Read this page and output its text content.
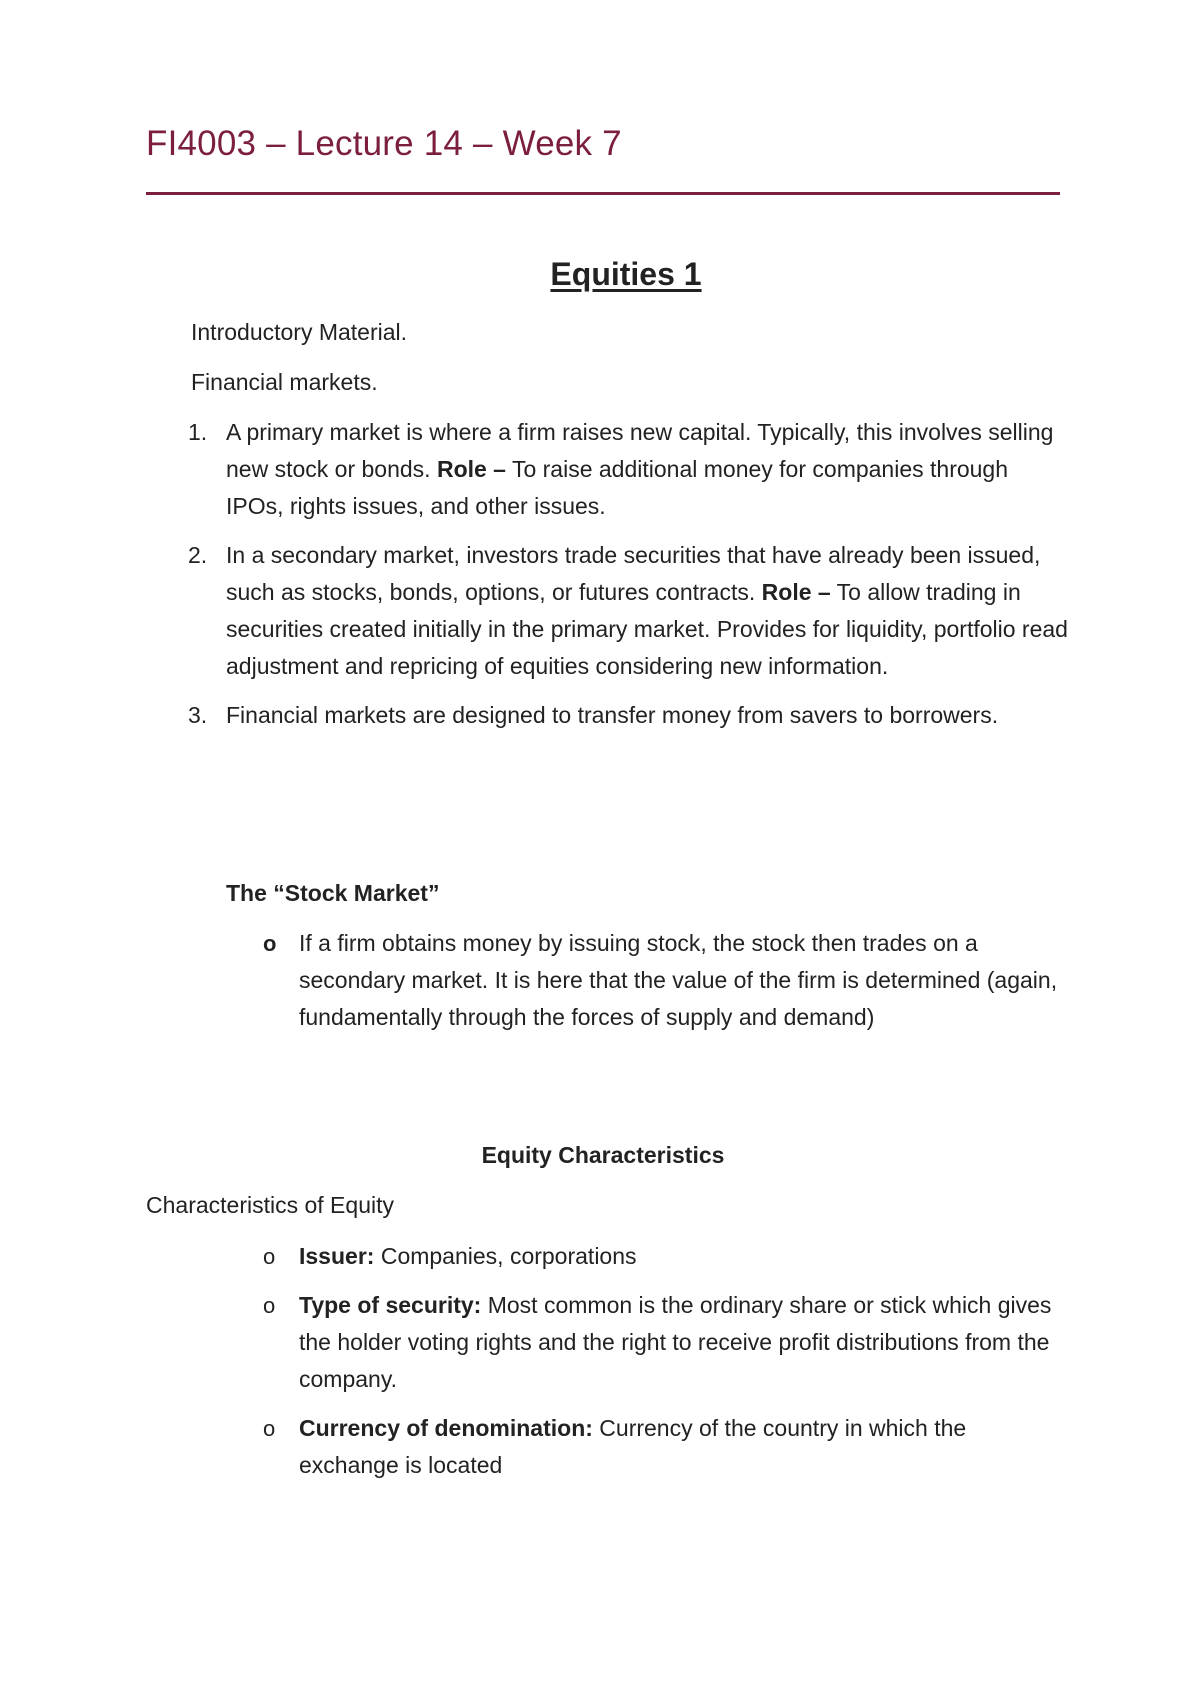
FI4003 – Lecture 14 – Week 7
Equities 1

Introductory Material.

Financial markets.

1. A primary market is where a firm raises new capital. Typically, this involves selling new stock or bonds. Role – To raise additional money for companies through IPOs, rights issues, and other issues.
2. In a secondary market, investors trade securities that have already been issued, such as stocks, bonds, options, or futures contracts. Role – To allow trading in securities created initially in the primary market. Provides for liquidity, portfolio read adjustment and repricing of equities considering new information.
3. Financial markets are designed to transfer money from savers to borrowers.

The “Stock Market”

o If a firm obtains money by issuing stock, the stock then trades on a secondary market. It is here that the value of the firm is determined (again, fundamentally through the forces of supply and demand)

Equity Characteristics

Characteristics of Equity

o Issuer: Companies, corporations
o Type of security: Most common is the ordinary share or stick which gives the holder voting rights and the right to receive profit distributions from the company.
o Currency of denomination: Currency of the country in which the exchange is located
